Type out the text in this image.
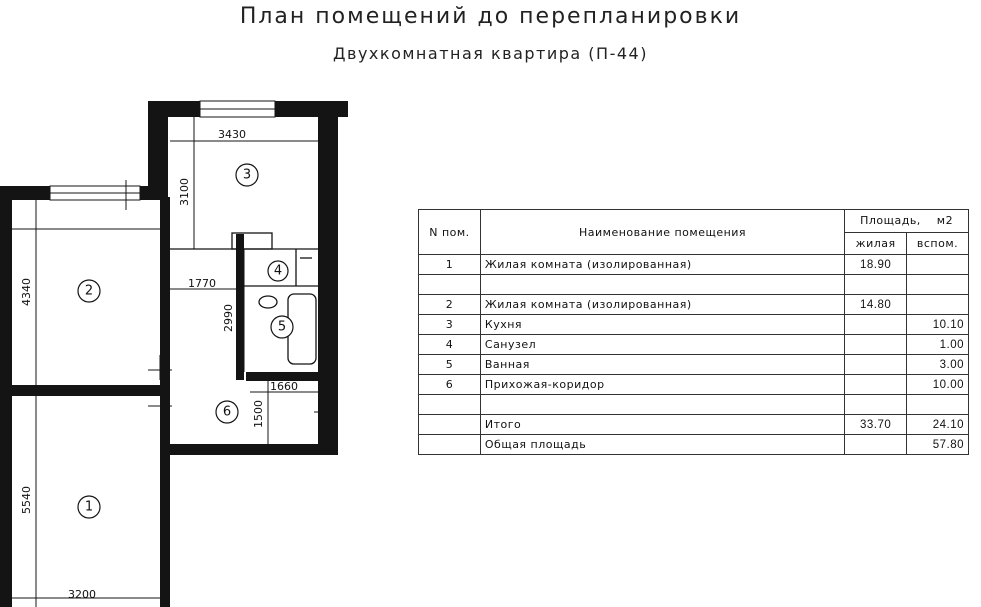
План помещений до перепланировки
Двухкомнатная квартира (П-44)
3430
3100
4340	1770
2990
1660
1500
5540
3200
1
2
3
4
5
6
N пом.	Наименование помещения	Площадь, м2	
		жилая	вспом.
1	Жилая комната (изолированная)	18.90	

2	Жилая комната (изолированная)	14.80	
3	Кухня		10.10
4	Санузел		1.00
5	Ванная		3.00
6	Прихожая-коридор		10.00

	Итого	33.70	24.10
	Общая площадь		57.80
